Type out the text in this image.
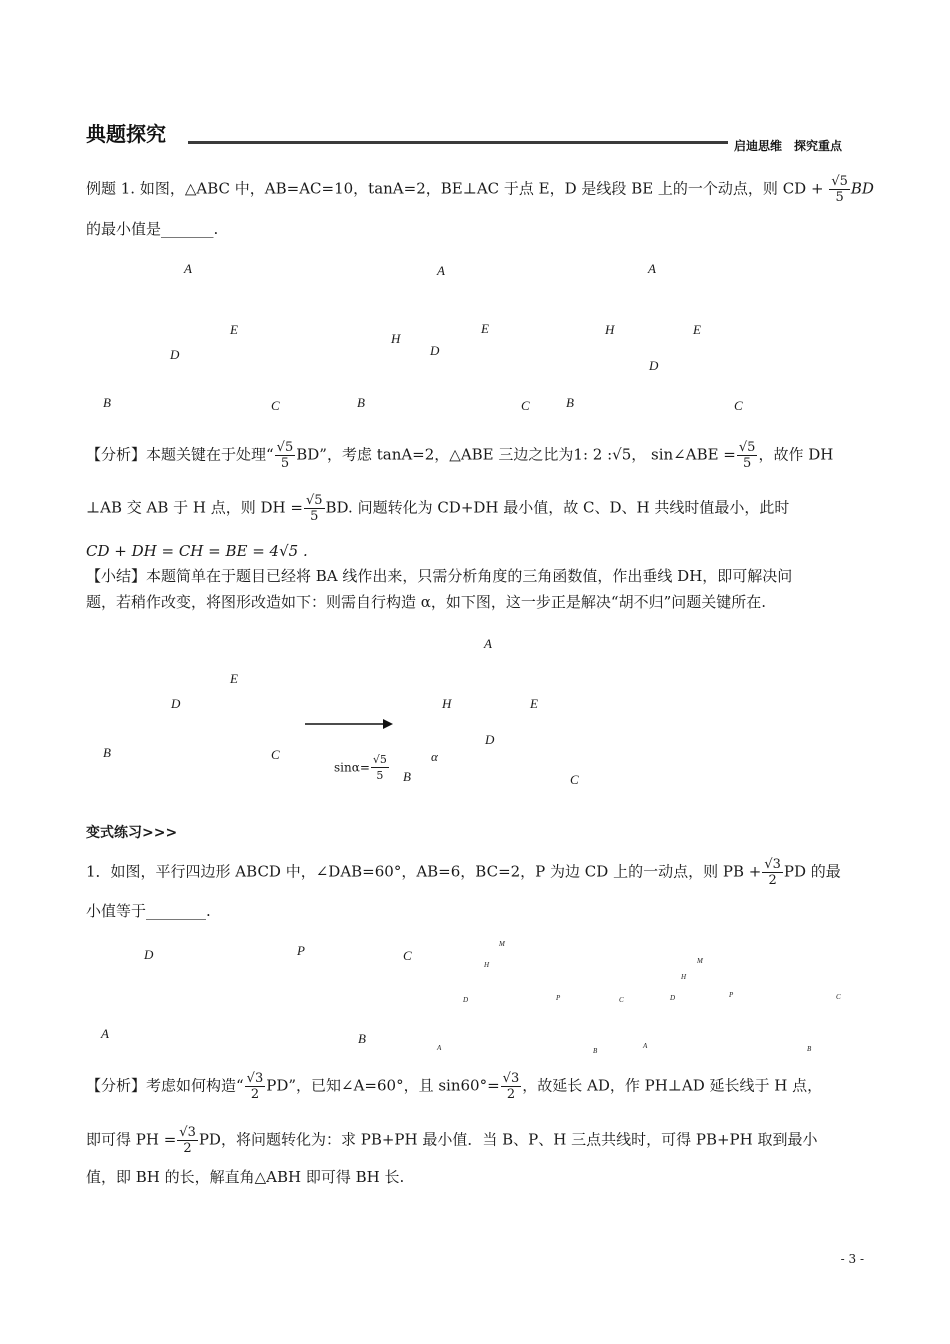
典题探究	启迪思维　探究重点
例题 1. 如图，△ABC 中，AB=AC=10，tanA=2，BE⊥AC 于点 E，D 是线段 BE 上的一个动点，则 CD + $\frac{√5}{5}$ BD
的最小值是_______.
A
E
D
B	C
A
H
E
D
B	C
A
H	E
D
B	C
【分析】本题关键在于处理“ $\frac{√5}{5}$ BD”，考虑 tanA=2，△ABE 三边之比为1: 2 :√5， sin∠ABE = $\frac{√5}{5}$ ，故作 DH
⊥AB 交 AB 于 H 点，则 DH = $\frac{√5}{5}$ BD. 问题转化为 CD+DH 最小值，故 C、D、H 共线时值最小，此时
CD + DH = CH = BE = 4√5 .
【小结】本题简单在于题目已经将 BA 线作出来，只需分析角度的三角函数值，作出垂线 DH，即可解决问
题，若稍作改变，将图形改造如下：则需自行构造 α，如下图，这一步正是解决“胡不归”问题关键所在.
E
D
B	C
A
H	E
D
α
B	C
$\sin\alpha= \frac{√5}{5}$
变式练习>>>
1．如图，平行四边形 ABCD 中，∠DAB=60°，AB=6，BC=2，P 为边 CD 上的一动点，则 PB + $\frac{√3}{2}$ PD 的最
小值等于________.
D	P	C
A	B
M
H
D	P	C
A	B
M
H
D	P	C
A	B
【分析】考虑如何构造“ $\frac{√3}{2}$ PD”，已知∠A=60°，且 $\sin 60^\circ= \frac{√3}{2}$ ，故延长 AD，作 PH⊥AD 延长线于 H 点，
即可得 PH = $\frac{√3}{2}$ PD，将问题转化为：求 PB+PH 最小值．当 B、P、H 三点共线时，可得 PB+PH 取到最小
值，即 BH 的长，解直角△ABH 即可得 BH 长.
- 3 -
